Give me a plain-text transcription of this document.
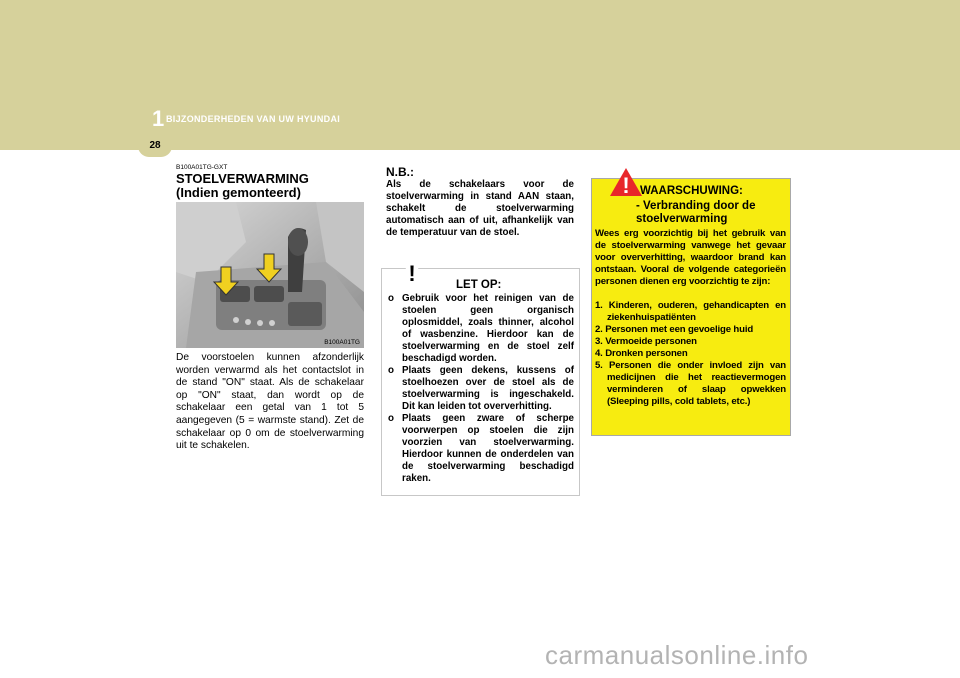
1 BIJZONDERHEDEN VAN UW HYUNDAI
28
B100A01TG-GXT
STOELVERWARMING
(Indien gemonteerd)
B100A01TG
De voorstoelen kunnen afzonderlijk worden verwarmd als het contactslot in de stand "ON" staat. Als de schakelaar op "ON" staat, dan wordt op de schakelaar een getal van 1 tot 5 aangegeven (5 = warmste stand). Zet de schakelaar op 0 om de stoelverwarming uit te schakelen.
N.B.:
Als de schakelaars voor de stoelverwarming in stand AAN staan, schakelt de stoelverwarming automatisch aan of uit, afhankelijk van de temperatuur van de stoel.
!	LET OP:
o Gebruik voor het reinigen van de stoelen geen organisch oplosmiddel, zoals thinner, alcohol of wasbenzine. Hierdoor kan de stoelverwarming en de stoel zelf beschadigd worden.
o Plaats geen dekens, kussens of stoelhoezen over de stoel als de stoelverwarming is ingeschakeld. Dit kan leiden tot oververhitting.
o Plaats geen zware of scherpe voorwerpen op stoelen die zijn voorzien van stoelverwarming. Hierdoor kunnen de onderdelen van de stoelverwarming beschadigd raken.
! WAARSCHUWING:
- Verbranding door de stoelverwarming
Wees erg voorzichtig bij het gebruik van de stoelverwarming vanwege het gevaar voor oververhitting, waardoor brand kan ontstaan. Vooral de volgende categorieën personen dienen erg voorzichtig te zijn:
1. Kinderen, ouderen, gehandicapten en ziekenhuispatiënten
2. Personen met een gevoelige huid
3. Vermoeide personen
4. Dronken personen
5. Personen die onder invloed zijn van medicijnen die het reactievermogen verminderen of slaap opwekken (Sleeping pills, cold tablets, etc.)
carmanualsonline.info
